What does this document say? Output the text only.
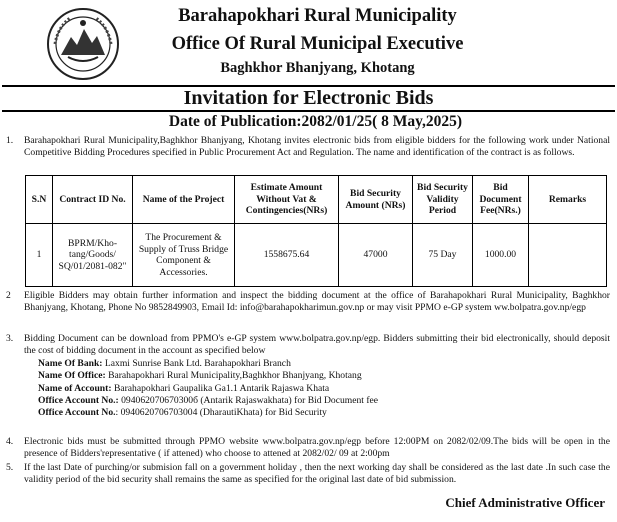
Barahapokhari Rural Municipality
Office Of Rural Municipal Executive
Baghkhor Bhanjyang, Khotang
Invitation for Electronic Bids
Date of Publication:2082/01/25( 8 May,2025)
1. Barahapokhari Rural Municipality,Baghkhor Bhanjyang, Khotang invites electronic bids from eligible bidders for the following work under National Competitive Bidding Procedures specified in Public Procurement Act and Regulation. The name and identification of the contract is as follows.
S.N	Contract ID No.	Name of the Project	Estimate Amount Without Vat & Contingencies(NRs)	Bid Security Amount (NRs)	Bid Security Validity Period	Bid Document Fee(NRs.)	Remarks
1	BPRM/Kho-tang/Goods/ SQ/01/2081-082"	The Procurement & Supply of Truss Bridge Component & Accessories.	1558675.64	47000	75 Day	1000.00	
2 Eligible Bidders may obtain further information and inspect the bidding document at the office of Barahapokhari Rural Municipality, Baghkhor Bhanjyang, Khotang, Phone No 9852849903, Email Id: info@barahapokharimun.gov.np or may visit PPMO e-GP system ww.bolpatra.gov.np/egp
3. Bidding Document can be download from PPMO's e-GP system www.bolpatra.gov.np/egp. Bidders submitting their bid electronically, should deposit the cost of bidding document in the account as specified below
Name Of Bank: Laxmi Sunrise Bank Ltd. Barahapokhari Branch
Name Of Office: Barahapokhari Rural Municipality,Baghkhor Bhanjyang, Khotang
Name of Account: Barahapokhari Gaupalika Ga1.1 Antarik Rajaswa Khata
Office Account No.: 094062070670300б (Antarik Rajaswakhata) for Bid Document fee
Office Account No.: 0940620706703004 (DharautiKhata) for Bid Security
4. Electronic bids must be submitted through PPMO website www.bolpatra.gov.np/egp before 12:00PM on 2082/02/09.The bids will be open in the presence of Bidders'representative ( if attened) who choose to attened at 2082/02/ 09 at 2:00pm
5. If the last Date of purching/or submision fall on a government holiday , then the next working day shall be considered as the last date .In such case the validity period of the bid security shall remains the same as specified for the original last date of bid submission.
Chief Administrative Officer
